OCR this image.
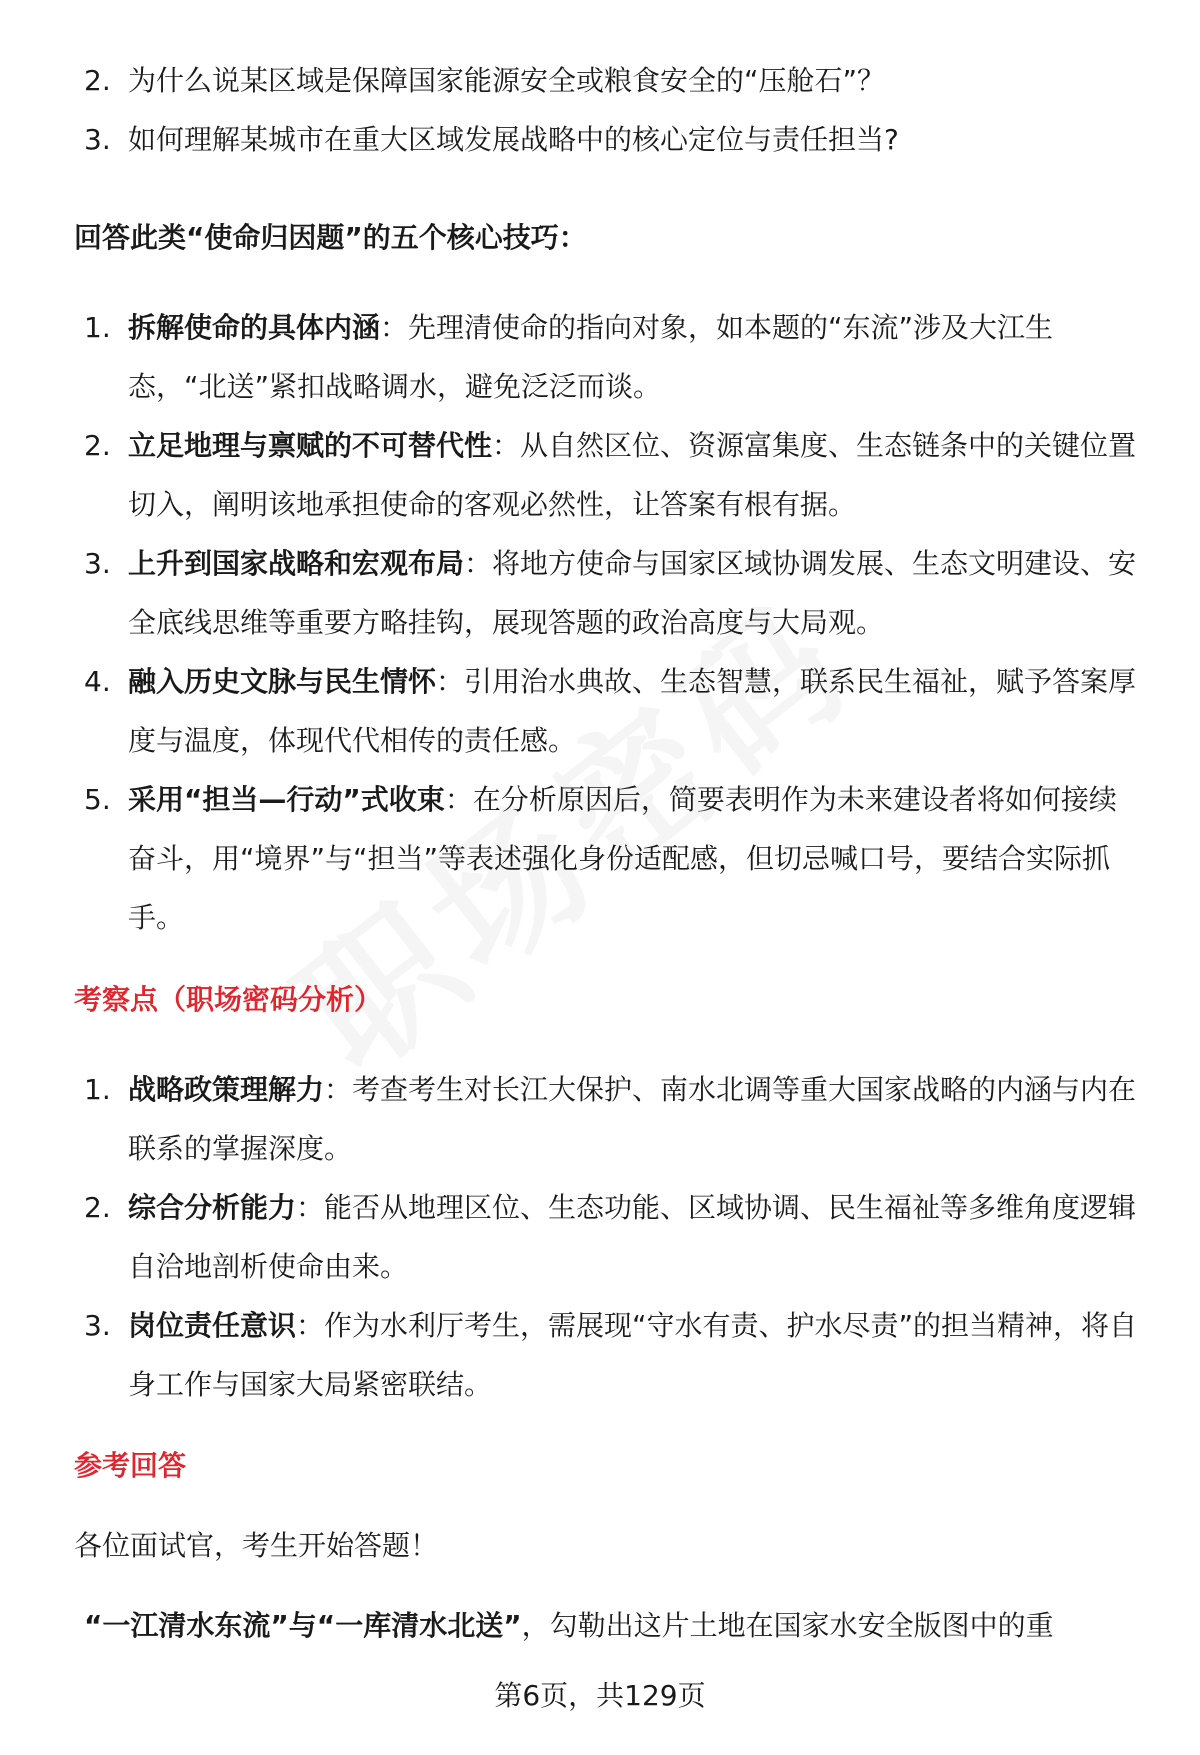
2. 为什么说某区域是保障国家能源安全或粮食安全的“压舱石”？
3. 如何理解某城市在重大区域发展战略中的核心定位与责任担当?
回答此类“使命归因题”的五个核心技巧：
1. 拆解使命的具体内涵：先理清使命的指向对象，如本题的“东流”涉及大江生态，“北送”紧扣战略调水，避免泛泛而谈。
2. 立足地理与禀赋的不可替代性：从自然区位、资源富集度、生态链条中的关键位置切入，阐明该地承担使命的客观必然性，让答案有根有据。
3. 上升到国家战略和宏观布局：将地方使命与国家区域协调发展、生态文明建设、安全底线思维等重要方略挂钩，展现答题的政治高度与大局观。
4. 融入历史文脉与民生情怀：引用治水典故、生态智慧，联系民生福祉，赋予答案厚度与温度，体现代代相传的责任感。
5. 采用“担当—行动”式收束：在分析原因后，简要表明作为未来建设者将如何接续奋斗，用“境界”与“担当”等表述强化身份适配感，但切忌喊口号，要结合实际抓手。
考察点（职场密码分析）
1. 战略政策理解力：考查考生对长江大保护、南水北调等重大国家战略的内涵与内在联系的掌握深度。
2. 综合分析能力：能否从地理区位、生态功能、区域协调、民生福祉等多维角度逻辑自洽地剖析使命由来。
3. 岗位责任意识：作为水利厅考生，需展现“守水有责、护水尽责”的担当精神，将自身工作与国家大局紧密联结。
参考回答
各位面试官，考生开始答题！
“一江清水东流”与“一库清水北送”，勾勒出这片土地在国家水安全版图中的重
第6页，共129页
